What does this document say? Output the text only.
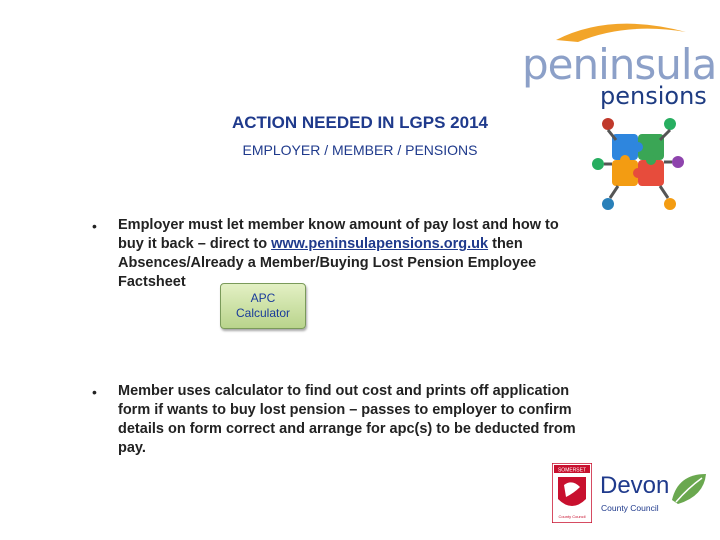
peninsula
pensions
ACTION NEEDED IN LGPS 2014
EMPLOYER / MEMBER / PENSIONS
• Employer must let member know amount of pay lost and how to
buy it back – direct to www.peninsulapensions.org.uk then
Absences/Already a Member/Buying Lost Pension Employee
Factsheet
APC
Calculator
• Member uses calculator to find out cost and prints off application
form if wants to buy lost pension – passes to employer to confirm
details on form correct and arrange for apc(s) to be deducted from
pay.
SOMERSET
County Council
Devon
County Council
